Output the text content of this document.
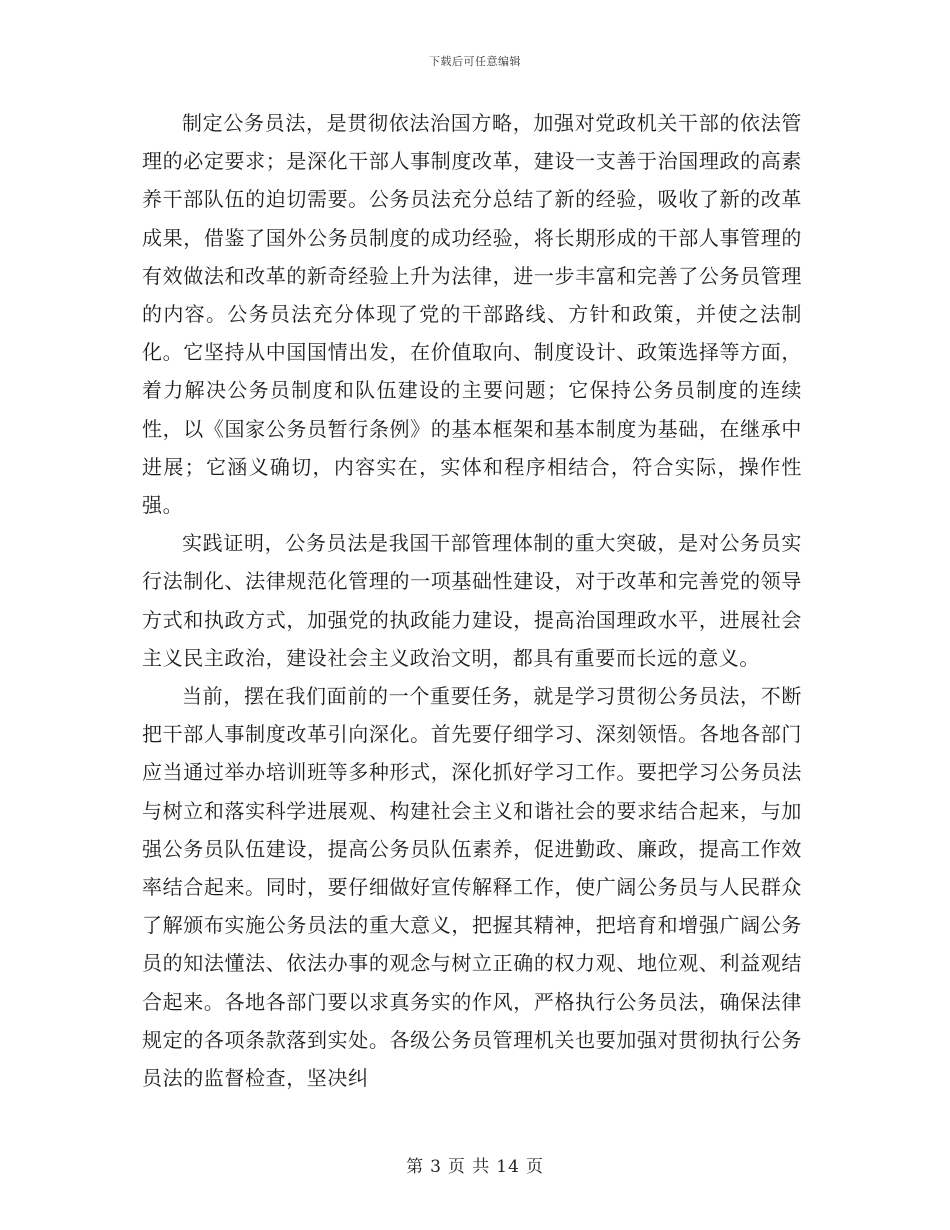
下载后可任意编辑

制定公务员法，是贯彻依法治国方略，加强对党政机关干部的依法管理的必定要求；是深化干部人事制度改革，建设一支善于治国理政的高素养干部队伍的迫切需要。公务员法充分总结了新的经验，吸收了新的改革成果，借鉴了国外公务员制度的成功经验，将长期形成的干部人事管理的有效做法和改革的新奇经验上升为法律，进一步丰富和完善了公务员管理的内容。公务员法充分体现了党的干部路线、方针和政策，并使之法制化。它坚持从中国国情出发，在价值取向、制度设计、政策选择等方面，着力解决公务员制度和队伍建设的主要问题；它保持公务员制度的连续性，以《国家公务员暂行条例》的基本框架和基本制度为基础，在继承中进展；它涵义确切，内容实在，实体和程序相结合，符合实际，操作性强。

实践证明，公务员法是我国干部管理体制的重大突破，是对公务员实行法制化、法律规范化管理的一项基础性建设，对于改革和完善党的领导方式和执政方式，加强党的执政能力建设，提高治国理政水平，进展社会主义民主政治，建设社会主义政治文明，都具有重要而长远的意义。

当前，摆在我们面前的一个重要任务，就是学习贯彻公务员法，不断把干部人事制度改革引向深化。首先要仔细学习、深刻领悟。各地各部门应当通过举办培训班等多种形式，深化抓好学习工作。要把学习公务员法与树立和落实科学进展观、构建社会主义和谐社会的要求结合起来，与加强公务员队伍建设，提高公务员队伍素养，促进勤政、廉政，提高工作效率结合起来。同时，要仔细做好宣传解释工作，使广阔公务员与人民群众了解颁布实施公务员法的重大意义，把握其精神，把培育和增强广阔公务员的知法懂法、依法办事的观念与树立正确的权力观、地位观、利益观结合起来。各地各部门要以求真务实的作风，严格执行公务员法，确保法律规定的各项条款落到实处。各级公务员管理机关也要加强对贯彻执行公务员法的监督检查，坚决纠

第 3 页 共 14 页
